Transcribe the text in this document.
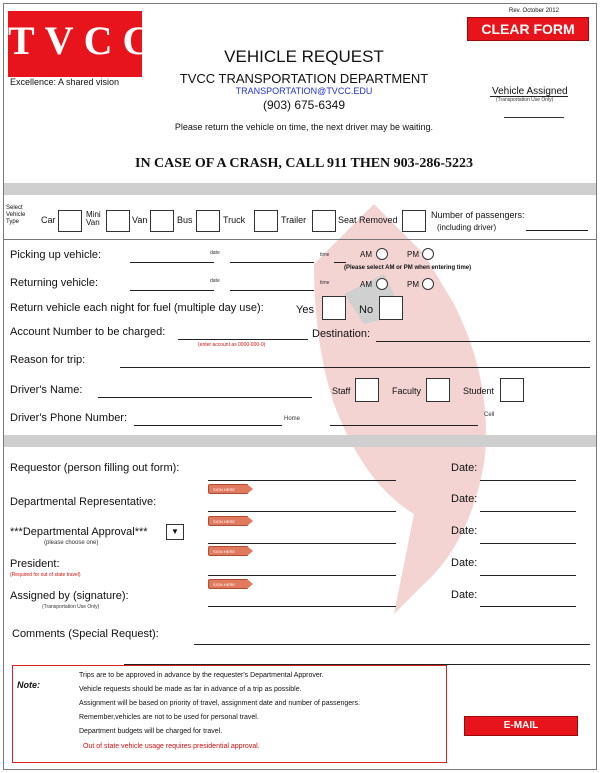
TVCC
Excellence: A shared vision
Rev. October 2012
CLEAR FORM
VEHICLE REQUEST
TVCC TRANSPORTATION DEPARTMENT
TRANSPORTATION@TVCC.EDU
(903) 675-6349
Please return the vehicle on time, the next driver may be waiting.
Vehicle Assigned
(Transportation Use Only)
IN CASE OF A CRASH, CALL 911 THEN 903-286-5223
Select Vehicle Type	Car
Mini Van	Van	Bus	Truck	Trailer	Seat Removed	Number of passengers:
(including driver)
Picking up vehicle:	date	time	AM	PM
(Please select AM or PM when entering time)
Returning vehicle:	date	time	AM	PM
Return vehicle each night for fuel (multiple day use):	Yes	No
Account Number to be charged:
(enter account as 0000-000-0)
Destination:
Reason for trip:
Driver's Name:	Staff	Faculty	Student
Driver's Phone Number:	Home
Cell
Requestor (person filling out form):	Date:
SIGN HERE
Departmental Representative:	Date:
SIGN HERE
***Departmental Approval***	▼
(please choose one)
Date:
SIGN HERE
President:
(Required for out of state travel)
Date:
SIGN HERE
Assigned by (signature):
(Transportation Use Only)
Date:
Comments (Special Request):
Note:
Trips are to be approved in advance by the requester's Departmental Approver.
Vehicle requests should be made as far in advance of a trip as possible.
Assignment will be based on priority of travel, assignment date and number of passengers.
Remember,vehicles are not to be used for personal travel.
Department budgets will be charged for travel.
Out of state vehicle usage requires presidential approval.
E-MAIL
